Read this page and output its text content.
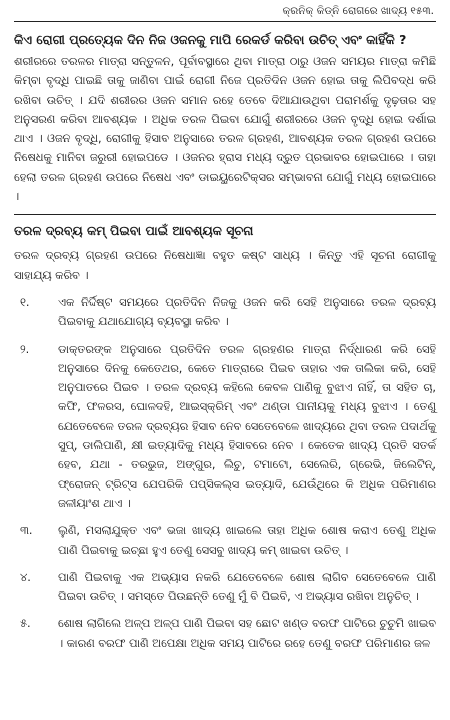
କ୍ରନିକ୍ କିଡ୍ନି ରୋଗରେ ଖାଦ୍ୟ ୧୫୩.
କିଏ ରୋଗୀ ପ୍ରତ୍ୟେକ ଦିନ ନିଜ ଓଜନକୁ ମାପି ରେକର୍ଡ କରିବା ଉଚିତ୍ ଏବଂ କାହିଁକି ?

ଶରୀରରେ ତରଳର ମାତ୍ରା ସନ୍ତୁଳନ, ପୂର୍ବାବସ୍ଥାରେ ଥିବା ମାତ୍ରା ଠାରୁ ଓଜନ ସମୟର ମାତ୍ରା କମିଛି କିମ୍ବା ବୃଦ୍ଧି ପାଇଛି ତାକୁ ଜାଣିବା ପାଇଁ ରୋଗୀ ନିଜେ ପ୍ରତିଦିନ ଓଜନ ହୋଇ ତାକୁ ଲିପିବଦ୍ଧ କରି ରଖିବା ଉଚିତ୍ । ଯଦି ଶରୀରର ଓଜନ ସମାନ ରହେ ତେବେ ଦିଆଯାଉଥିବା ପରାମର୍ଶକୁ ଦୃଢ଼ତାର ସହ ଅନୁସରଣ କରିବା ଆବଶ୍ୟକ । ଅଧିକ ତରଳ ପିଇବା ଯୋଗୁଁ ଶରୀରରେ ଓଜନ ବୃଦ୍ଧି ହୋଇ ଦର୍ଶାଇ ଥାଏ । ଓଜନ ବୃଦ୍ଧି, ରୋଗୀକୁ ହିସାବ ଅନୁସାରେ ତରଳ ଗ୍ରହଣ, ଆବଶ୍ୟକ ତରଳ ଗ୍ରହଣ ଉପରେ ନିଷେଧକୁ ମାନିବା ଜରୁରୀ ହୋଇପଡେ । ଓଜନର ହ୍ରାସ ମଧ୍ୟ ଦ୍ରୁତ ପ୍ରଭାବର ହୋଇପାରେ । ତାହା ହେଲା ତରଳ ଗ୍ରହଣ ଉପରେ ନିଷେଧ ଏବଂ ଡାଇୟୁରେଟିକ୍ସର ସମ୍ଭାବନା ଯୋଗୁଁ ମଧ୍ୟ ହୋଇପାରେ ।

ତରଳ ଦ୍ରବ୍ୟ କମ୍ ପିଇବା ପାଇଁ ଆବଶ୍ୟକ ସୂଚନା

ତରଳ ଦ୍ରବ୍ୟ ଗ୍ରହଣ ଉପରେ ନିଷେଧାଜ୍ଞା ବହୁତ କଷ୍ଟ ସାଧ୍ୟ । କିନ୍ତୁ ଏହି ସୂଚନା ରୋଗୀକୁ ସାହାଯ୍ୟ କରିବ ।

୧.	ଏକ ନିର୍ଦ୍ଦିଷ୍ଟ ସମୟରେ ପ୍ରତିଦିନ ନିଜକୁ ଓଜନ କରି ସେହି ଅନୁସାରେ ତରଳ ଦ୍ରବ୍ୟ ପିଇବାକୁ ଯଥାଯୋଗ୍ୟ ବ୍ୟବସ୍ଥା କରିବ ।
୨.	ଡାକ୍ତରଙ୍କ ଅନୁସାରେ ପ୍ରତିଦିନ ତରଳ ଗ୍ରହଣର ମାତ୍ରା ନିର୍ଦ୍ଧାରଣ କରି ସେହି ଅନୁସାରେ ଦିନକୁ କେତେଥର, କେତେ ମାତ୍ରାରେ ପିଇବ ତାହାର ଏକ ତାଲିକା କରି, ସେହି ଅନୁପାତରେ ପିଇବ । ତରଳ ଦ୍ରବ୍ୟ କହିଲେ କେବଳ ପାଣିକୁ ବୁଝାଏ ନାହିଁ, ତା ସହିତ ଚା, କଫି, ଫଳରସ, ଘୋଳଦହି, ଆଇସ୍‌କ୍ରିମ୍ ଏବଂ ଥଣ୍ଡା ପାନୀୟକୁ ମଧ୍ୟ ବୁଝାଏ । ତେଣୁ ଯେତେବେଳେ ତରଳ ଦ୍ରବ୍ୟର ହିସାବ ନେବ ସେତେବେଳେ ଖାଦ୍ୟରେ ଥିବା ତରଳ ପଦାର୍ଥକୁ ସୁପ୍, ଡାଲିପାଣି, କ୍ଷୀ ଇତ୍ୟାଦିକୁ ମଧ୍ୟ ହିସାବରେ ନେବ । କେତେକ ଖାଦ୍ୟ ପ୍ରତି ସତର୍କ ହେବ, ଯଥା - ତରଭୁଜ, ଅଙ୍ଗୁର, ଲିଚୁ, ଟମାଟୋ, ସେଲେରି, ଗ୍ରେଭି, ଜିଲେଟିନ୍, ଫ୍ରୋଜନ୍ ଟ୍ରିଟ୍ସ ଯେପରିକି ପପ୍‌ସିକଲ୍ସ ଇତ୍ୟାଦି, ଯେଉଁଥିରେ କି ଅଧିକ ପରିମାଣର ଜଳୀୟାଂଶ ଥାଏ ।
୩.	ଲୁଣି, ମସଲାଯୁକ୍ତ ଏବଂ ଭଜା ଖାଦ୍ୟ ଖାଇଲେ ତାହା ଅଧିକ ଶୋଷ କରାଏ ତେଣୁ ଅଧିକ ପାଣି ପିଇବାକୁ ଇଚ୍ଛା ହୁଏ ତେଣୁ ସେସବୁ ଖାଦ୍ୟ କମ୍ ଖାଇବା ଉଚିତ୍ ।
୪.	ପାଣି ପିଇବାକୁ ଏକ ଅଭ୍ୟାସ ନକରି ଯେତେବେଳେ ଶୋଷ ଲାଗିବ ସେତେବେଳେ ପାଣି ପିଇବା ଉଚିତ୍ । ସମସ୍ତେ ପିଉଛନ୍ତି ତେଣୁ ମୁଁ ବି ପିଇବି, ଏ ଅଭ୍ୟାସ ରଖିବା ଅନୁଚିତ୍ ।
୫.	ଶୋଷ ଲାଗିଲେ ଅଳ୍ପ ଅଳ୍ପ ପାଣି ପିଇବା ସହ ଛୋଟ ଖଣ୍ଡ ବରଫ ପାଟିରେ ଚୁଚୁମି ଖାଇବ । କାରଣ ବରଫ ପାଣି ଅପେକ୍ଷା ଅଧିକ ସମୟ ପାଟିରେ ରହେ ତେଣୁ ବରଫ ପରିମାଣର ଜଳ
